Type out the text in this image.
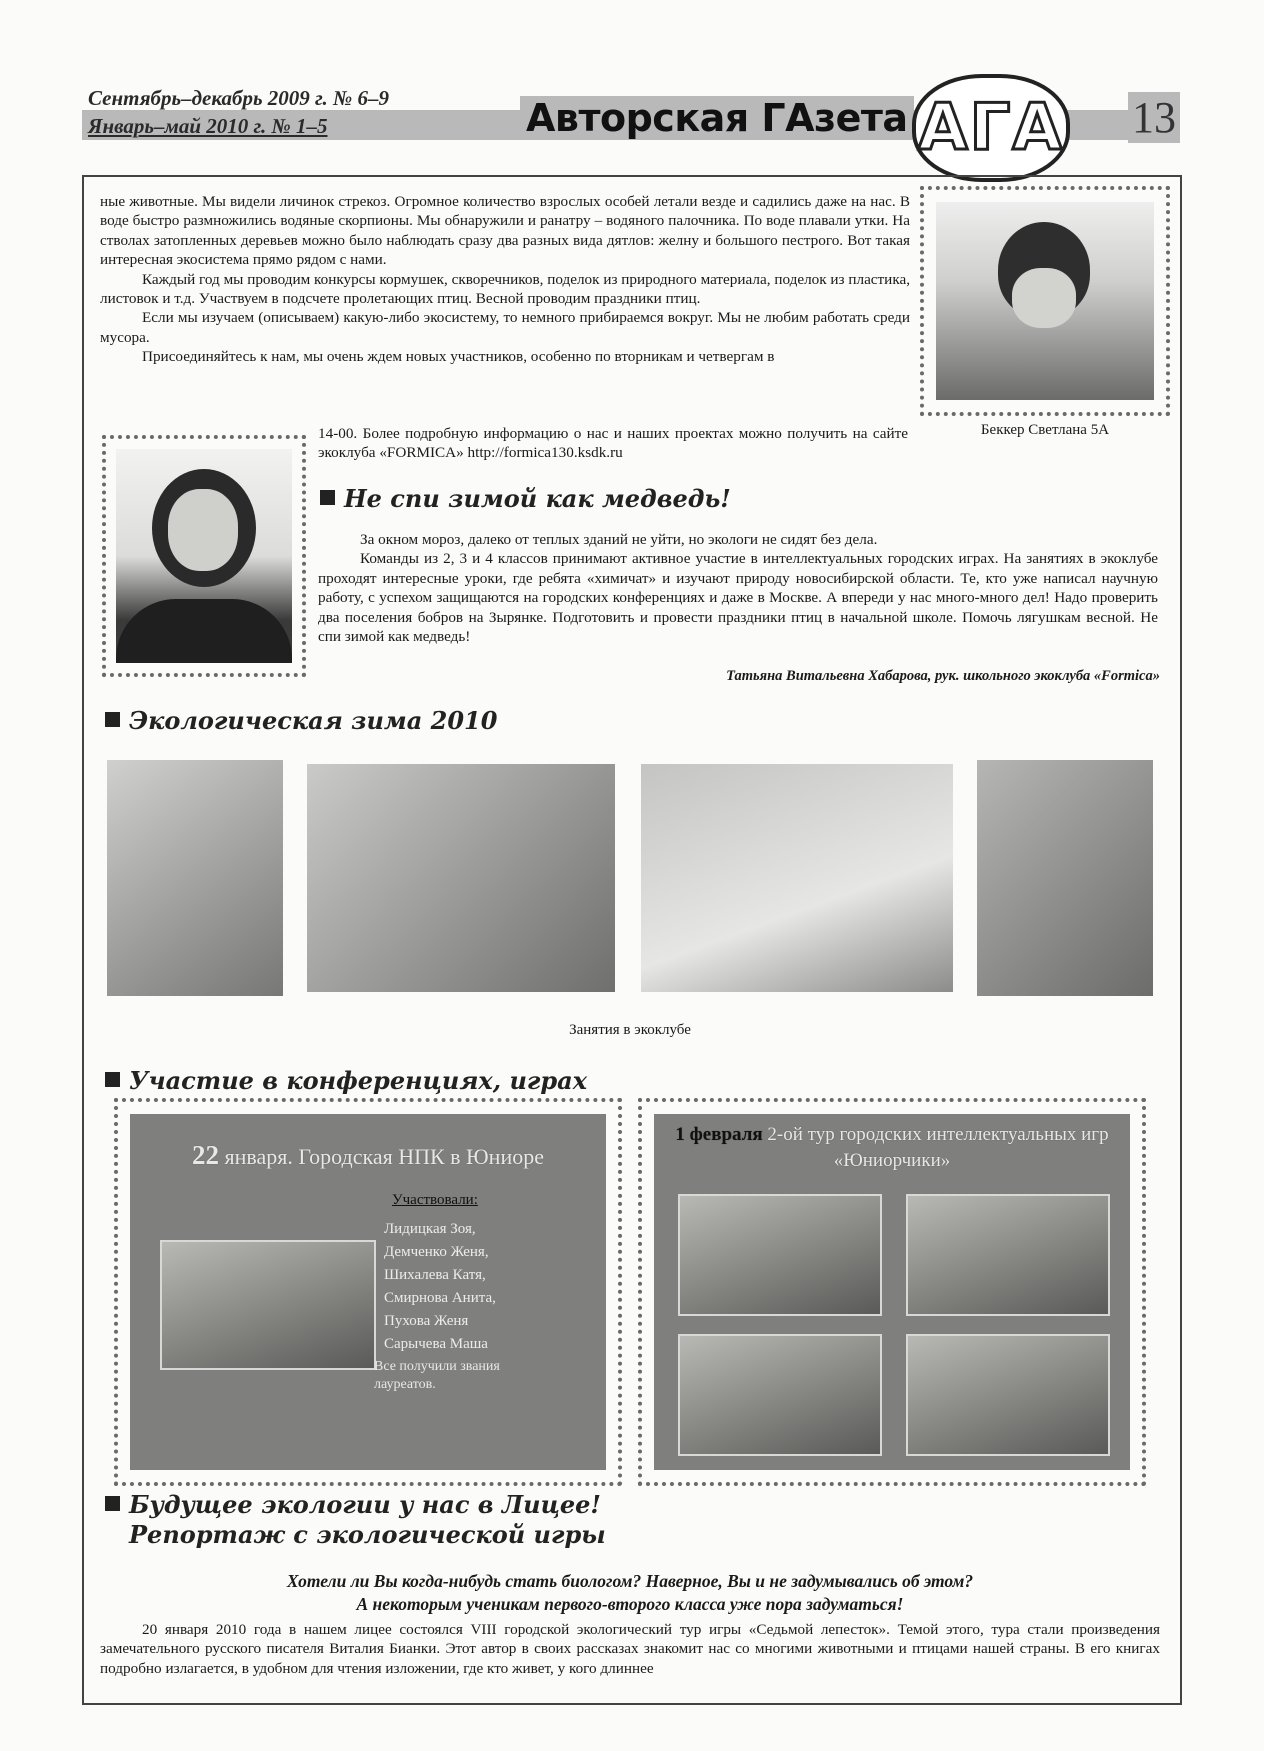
Сентябрь–декабрь 2009 г. № 6–9
Январь–май 2010 г. № 1–5	Авторская ГАзета АГА 13

ные животные. Мы видели личинок стрекоз. Огромное количество взрослых особей летали везде и садились даже на нас. В воде быстро размножились водяные скорпионы. Мы обнаружили и ранатру – водяного палочника. По воде плавали утки. На стволах затопленных деревьев можно было наблюдать сразу два разных вида дятлов: желну и большого пестрого. Вот такая интересная экосистема прямо рядом с нами.

Каждый год мы проводим конкурсы кормушек, скворечников, поделок из природного материала, поделок из пластика, листовок и т.д. Участвуем в подсчете пролетающих птиц. Весной проводим праздники птиц.

Если мы изучаем (описываем) какую-либо экосистему, то немного прибираемся вокруг. Мы не любим работать среди мусора.

Присоединяйтесь к нам, мы очень ждем новых участников, особенно по вторникам и четвергам в

14-00. Более подробную информацию о нас и наших проектах можно получить на сайте экоклуба «FORMICA» http://formica130.ksdk.ru
Беккер Светлана 5А
Не спи зимой как медведь!

За окном мороз, далеко от теплых зданий не уйти, но экологи не сидят без дела.

Команды из 2, 3 и 4 классов принимают активное участие в интеллектуальных городских играх. На занятиях в экоклубе проходят интересные уроки, где ребята «химичат» и изучают природу новосибирской области. Те, кто уже написал научную работу, с успехом защищаются на городских конференциях и даже в Москве. А впереди у нас много-много дел! Надо проверить два поселения бобров на Зырянке. Подготовить и провести праздники птиц в начальной школе. Помочь лягушкам весной. Не спи зимой как медведь!

Татьяна Витальевна Хабарова, рук. школьного экоклуба «Formica»
Экологическая зима 2010
Занятия в экоклубе
Участие в конференциях, играх
22 января. Городская НПК в Юниоре
Участвовали:
Лидицкая Зоя,
Демченко Женя,
Шихалева Катя,
Смирнова Анита,
Пухова Женя
Сарычева Маша
Все получили звания лауреатов.
1 февраля 2-ой тур городских интеллектуальных игр «Юниорчики»
Будущее экологии у нас в Лицее!
Репортаж с экологической игры
Хотели ли Вы когда-нибудь стать биологом? Наверное, Вы и не задумывались об этом?
А некоторым ученикам первого-второго класса уже пора задуматься!
20 января 2010 года в нашем лицее состоялся VIII городской экологический тур игры «Седьмой лепесток». Темой этого, тура стали произведения замечательного русского писателя Виталия Бианки. Этот автор в своих рассказах знакомит нас со многими животными и птицами нашей страны. В его книгах подробно излагается, в удобном для чтения изложении, где кто живет, у кого длиннее
